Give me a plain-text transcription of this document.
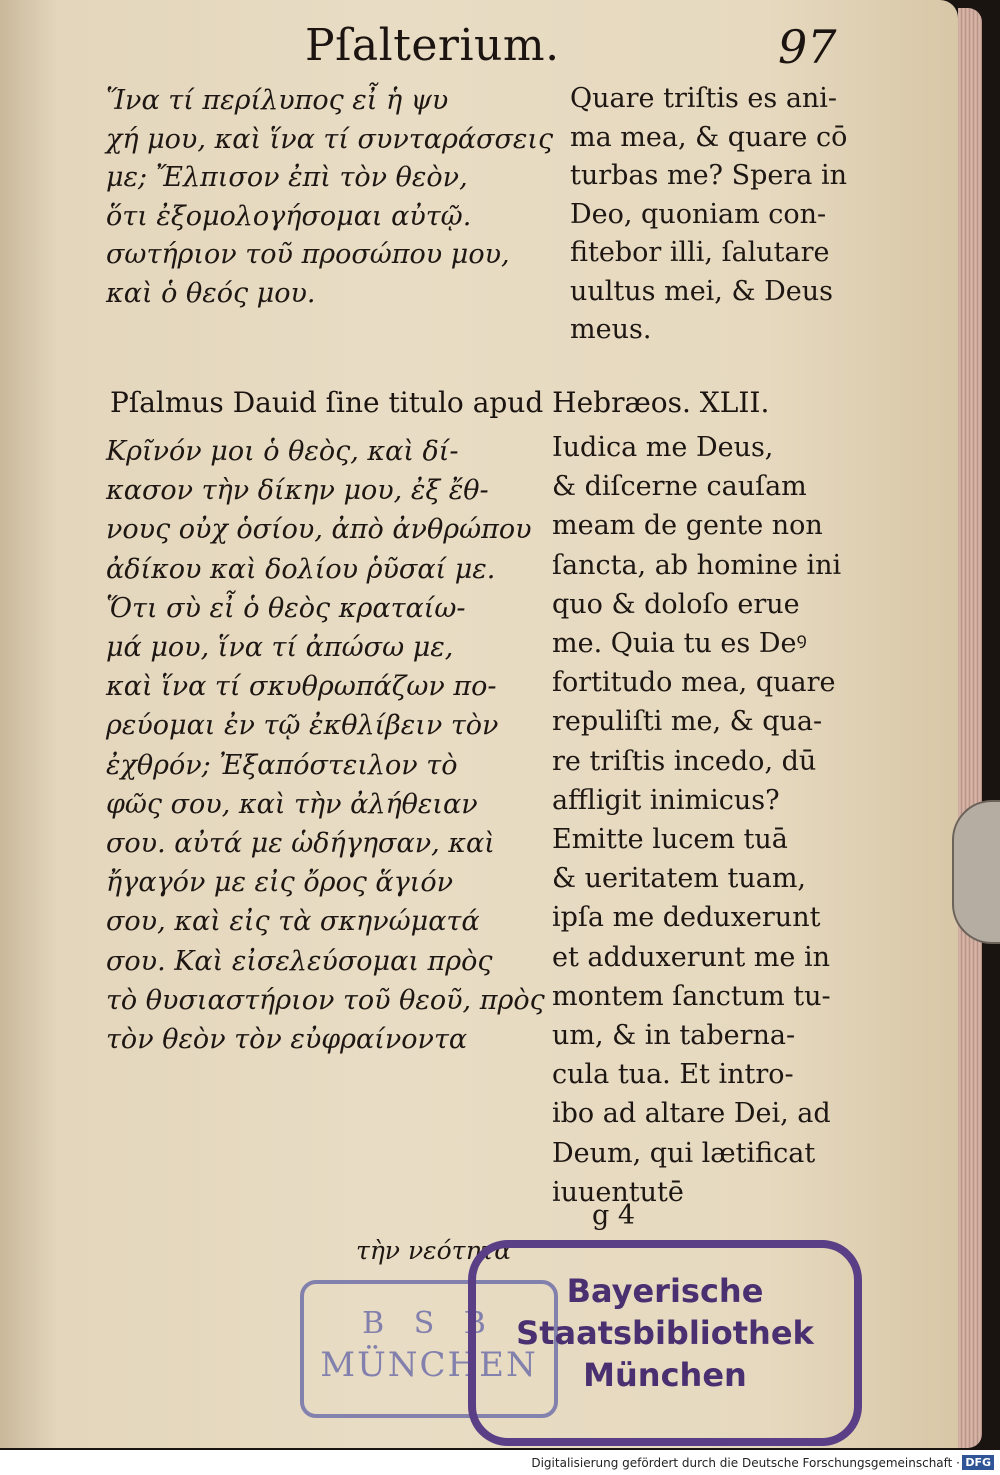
Pſalterium.	97
Ἵνα τί περίλυπος εἶ ἡ ψυ
χή μου, καὶ ἵνα τί συνταράσσεις
με; Ἔλπισον ἐπὶ τὸν θεὸν,
ὅτι ἐξομολογήσομαι αὐτῷ.
σωτήριον τοῦ προσώπου μου,
καὶ ὁ θεός μου.
Quare triſtis es ani-
ma mea, & quare cō
turbas me? Spera in
Deo, quoniam con-
fitebor illi, ſalutare
uultus mei, & Deus
meus.
Pſalmus Dauid ſine titulo apud Hebræos. XLII.
Κρῖνόν μοι ὁ θεὸς, καὶ δί-
κασον τὴν δίκην μου, ἐξ ἔθ-
νους οὐχ ὁσίου, ἀπὸ ἀνθρώπου
ἀδίκου καὶ δολίου ῥῦσαί με.
Ὅτι σὺ εἶ ὁ θεὸς κραταίω-
μά μου, ἵνα τί ἀπώσω με,
καὶ ἵνα τί σκυθρωπάζων πο-
ρεύομαι ἐν τῷ ἐκθλίβειν τὸν
ἐχθρόν; Ἐξαπόστειλον τὸ
φῶς σου, καὶ τὴν ἀλήθειαν
σου. αὐτά με ὡδήγησαν, καὶ
ἤγαγόν με εἰς ὄρος ἅγιόν
σου, καὶ εἰς τὰ σκηνώματά
σου. Καὶ εἰσελεύσομαι πρὸς
τὸ θυσιαστήριον τοῦ θεοῦ, πρὸς
τὸν θεὸν τὸν εὐφραίνοντα
Iudica me Deus,
& diſcerne cauſam
meam de gente non
ſancta, ab homine ini
quo & doloſo erue
me. Quia tu es Deꝰ
fortitudo mea, quare
repuliſti me, & qua-
re triſtis incedo, dū
affligit inimicus?
Emitte lucem tuā
& ueritatem tuam,
ipſa me deduxerunt
et adduxerunt me in
montem ſanctum tu-
um, & in taberna-
cula tua. Et intro-
ibo ad altare Dei, ad
Deum, qui lætificat
iuuentutē
g 4
τὴν νεότητα
B S B
MÜNCHEN
Bayerische
Staatsbibliothek
München
Digitalisierung gefördert durch die Deutsche Forschungsgemeinschaft · DFG
